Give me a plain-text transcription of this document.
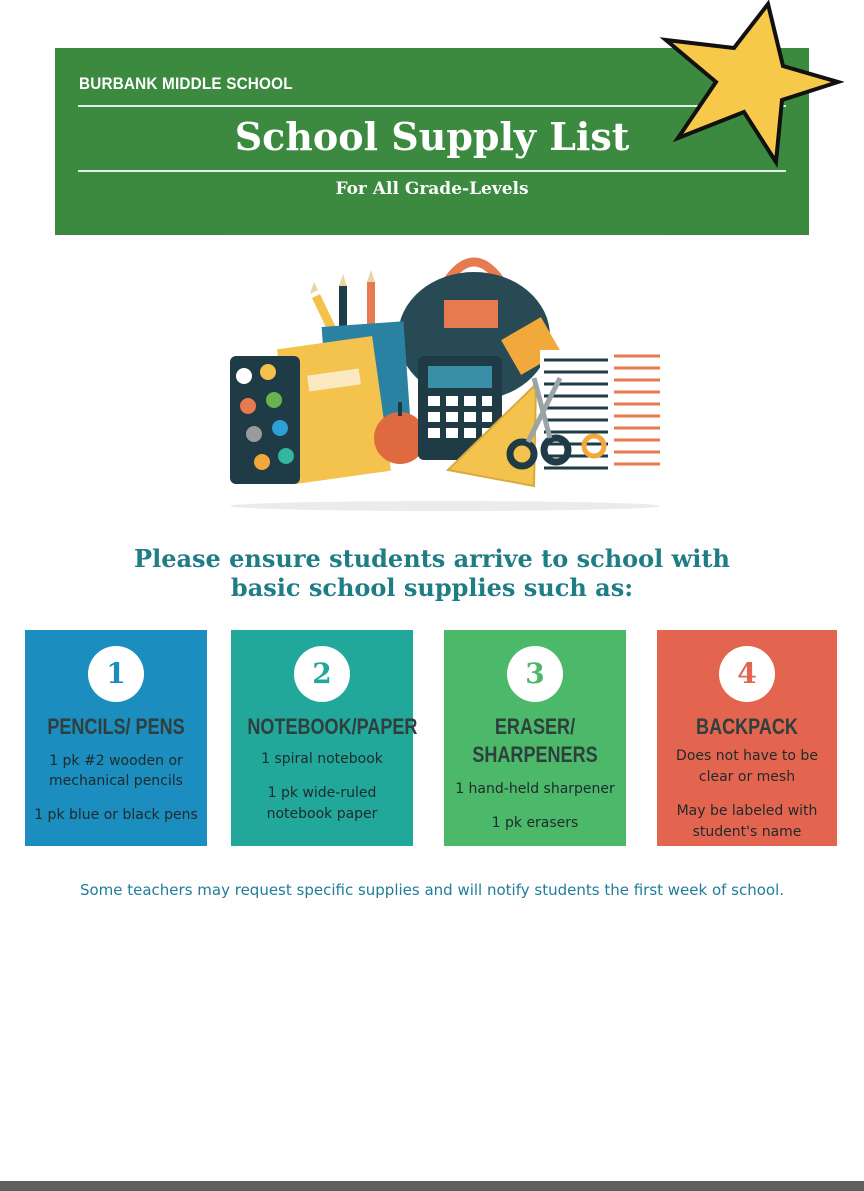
BURBANK MIDDLE SCHOOL
School Supply List
For All Grade-Levels
Please ensure students arrive to school with
basic school supplies such as:
1
PENCILS/ PENS
1 pk #2 wooden or
mechanical pencils
1 pk blue or black pens
2
NOTEBOOK/PAPER
1 spiral notebook
1 pk wide-ruled
notebook paper
3
ERASER/
SHARPENERS
1 hand-held sharpener
1 pk erasers
4
BACKPACK
Does not have to be
clear or mesh
May be labeled with
student's name
Some teachers may request specific supplies and will notify students the first week of school.
